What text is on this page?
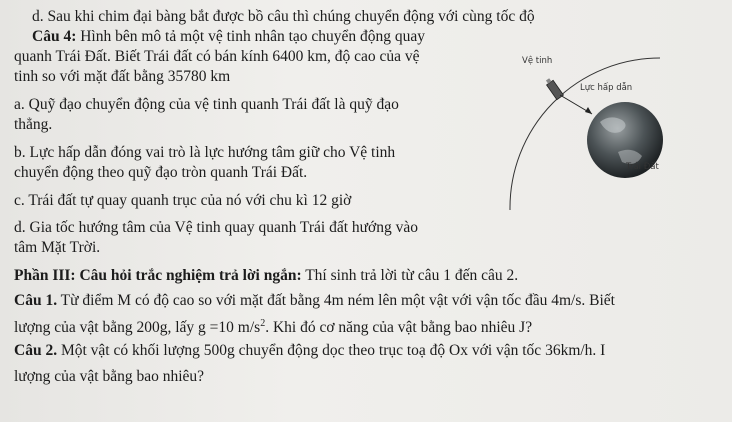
d. Sau khi chim đại bàng bắt được bồ câu thì chúng chuyển động với cùng tốc độ
Câu 4: Hình bên mô tả một vệ tinh nhân tạo chuyển động quay
quanh Trái Đất. Biết Trái đất có bán kính 6400 km, độ cao của vệ
tinh so với mặt đất bằng 35780 km
a. Quỹ đạo chuyển động của vệ tinh quanh Trái đất là quỹ đạo
thẳng.
b. Lực hấp dẫn đóng vai trò là lực hướng tâm giữ cho Vệ tinh
chuyển động theo quỹ đạo tròn quanh Trái Đất.
c. Trái đất tự quay quanh trục của nó với chu kì 12 giờ
d. Gia tốc hướng tâm của Vệ tinh quay quanh Trái đất hướng vào
tâm Mặt Trời.
Phần III: Câu hỏi trắc nghiệm trả lời ngắn: Thí sinh trả lời từ câu 1 đến câu 2.
Câu 1. Từ điểm M có độ cao so với mặt đất bằng 4m ném lên một vật với vận tốc đầu 4m/s. Biết
lượng của vật bằng 200g, lấy g =10 $m/s^2$. Khi đó cơ năng của vật bằng bao nhiêu J?
Câu 2. Một vật có khối lượng 500g chuyển động dọc theo trục toạ độ Ox với vận tốc 36km/h. I
lượng của vật bằng bao nhiêu?
Vệ tinh
Lực hấp dẫn
Trái Đất
